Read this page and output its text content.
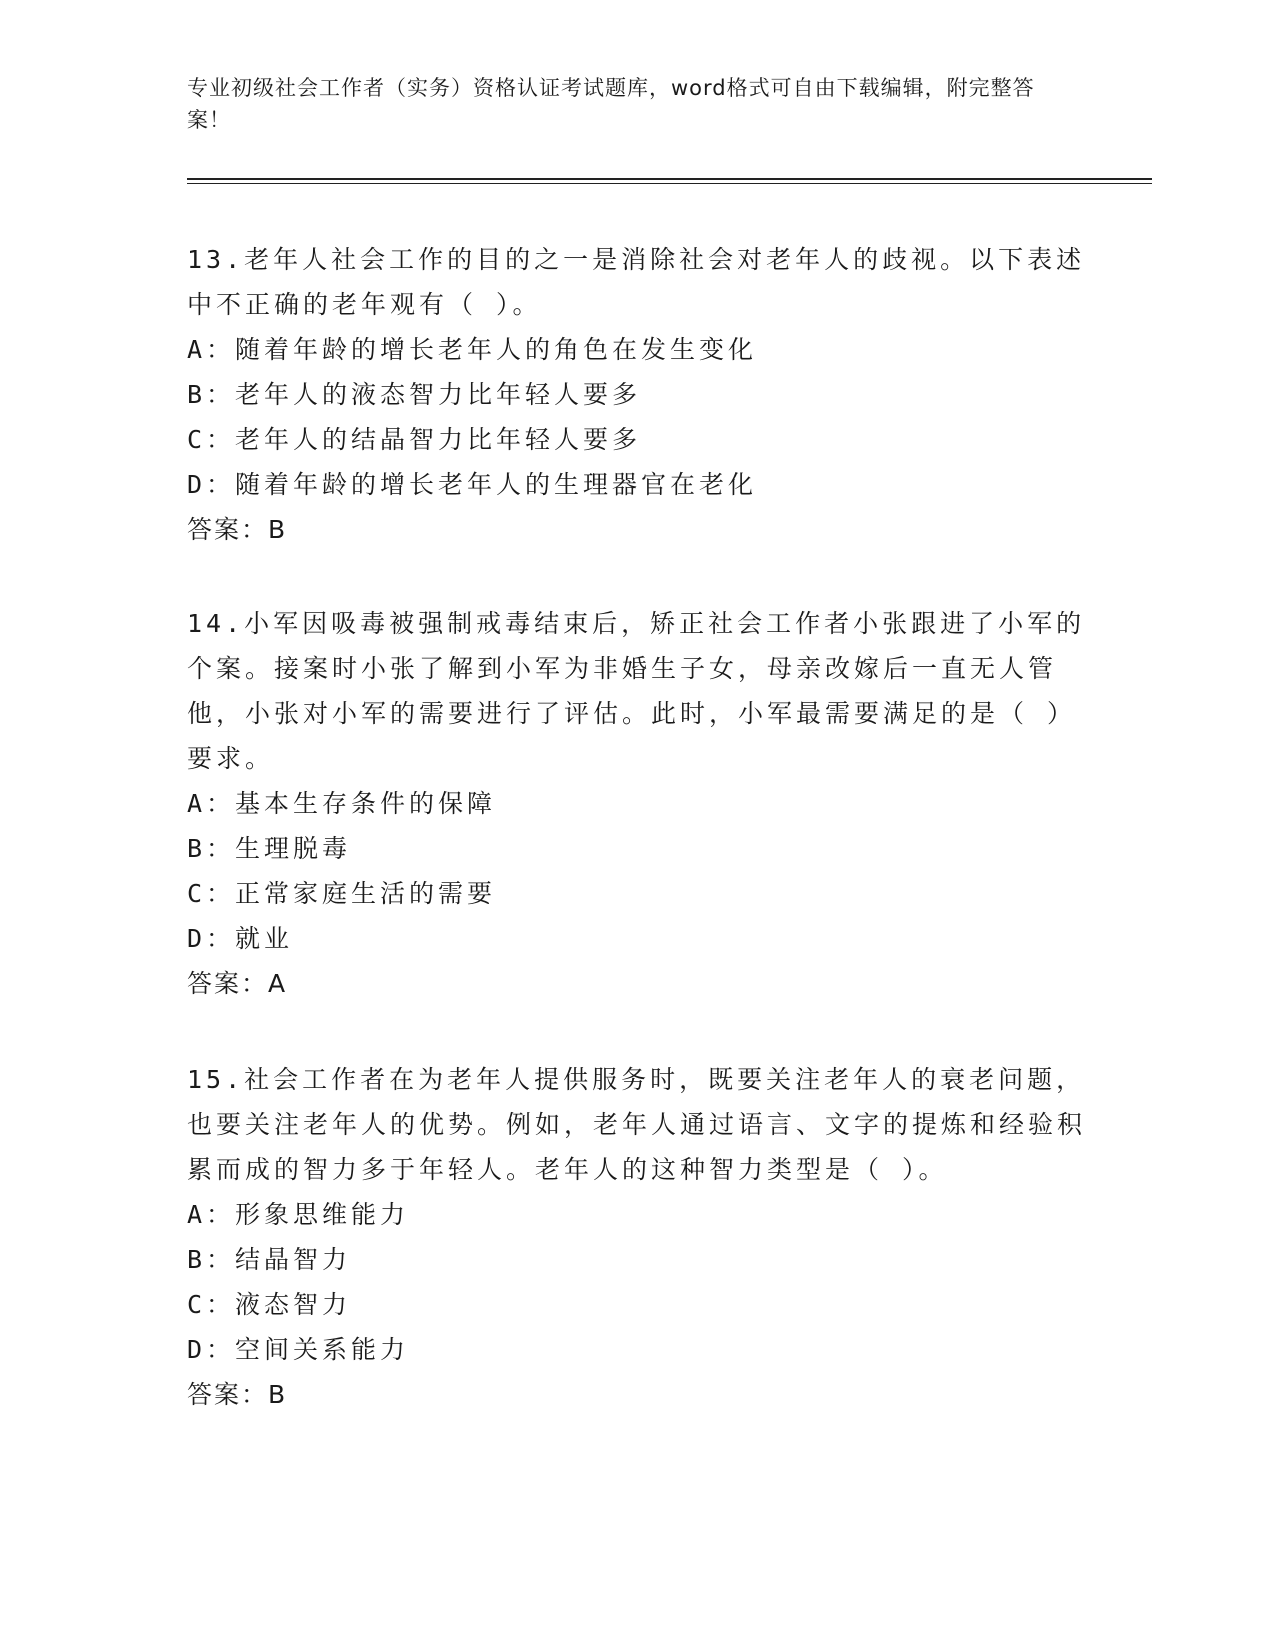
专业初级社会工作者（实务）资格认证考试题库，word格式可自由下载编辑，附完整答案！

13.老年人社会工作的目的之一是消除社会对老年人的歧视。以下表述中不正确的老年观有（ ）。

A：随着年龄的增长老年人的角色在发生变化

B：老年人的液态智力比年轻人要多

C：老年人的结晶智力比年轻人要多

D：随着年龄的增长老年人的生理器官在老化

答案：B

14.小军因吸毒被强制戒毒结束后，矫正社会工作者小张跟进了小军的个案。接案时小张了解到小军为非婚生子女，母亲改嫁后一直无人管他，小张对小军的需要进行了评估。此时，小军最需要满足的是（ ）要求。

A：基本生存条件的保障

B：生理脱毒

C：正常家庭生活的需要

D：就业

答案：A

15.社会工作者在为老年人提供服务时，既要关注老年人的衰老问题，也要关注老年人的优势。例如，老年人通过语言、文字的提炼和经验积累而成的智力多于年轻人。老年人的这种智力类型是（ ）。

A：形象思维能力

B：结晶智力

C：液态智力

D：空间关系能力

答案：B
